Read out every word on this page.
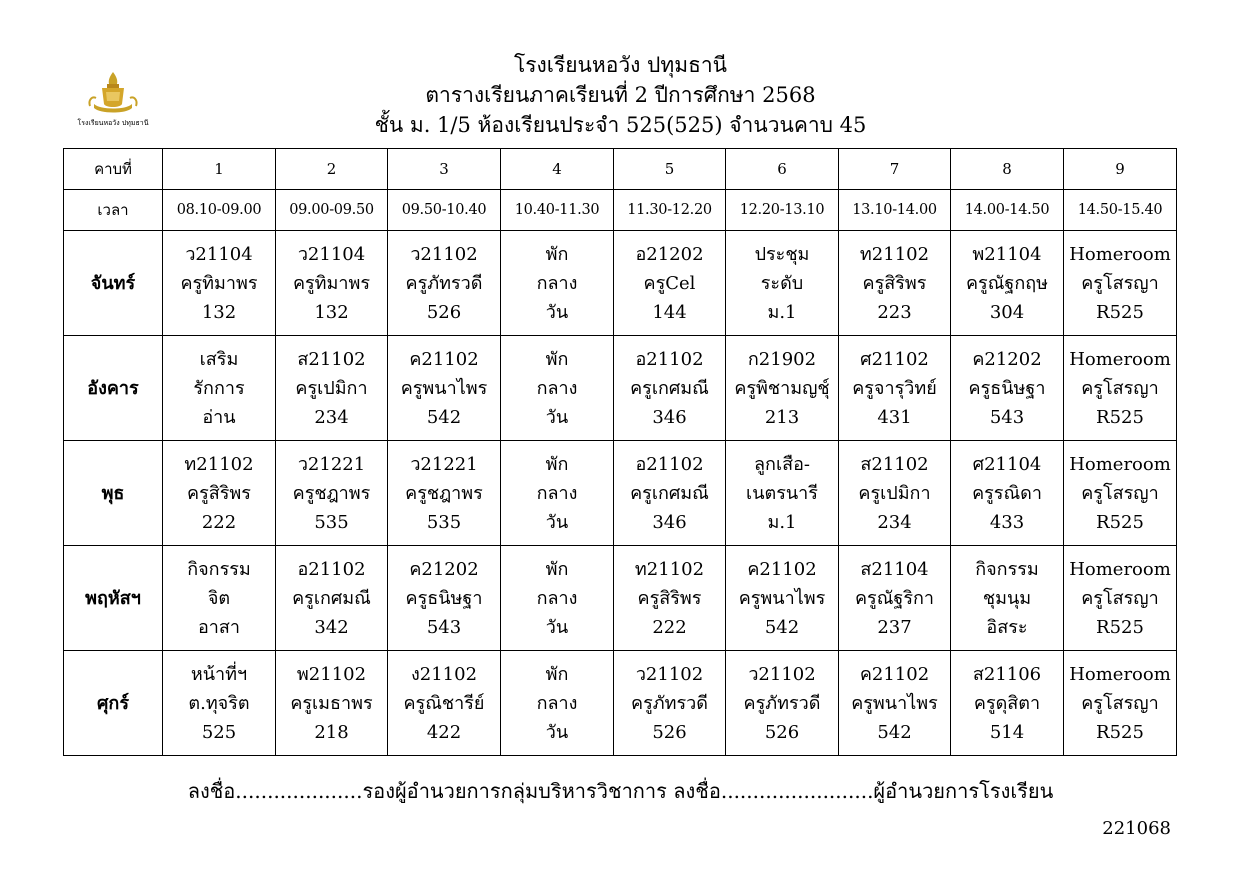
โรงเรียนหอวัง ปทุมธานี
โรงเรียนหอวัง ปทุมธานี
ตารางเรียนภาคเรียนที่ 2 ปีการศึกษา 2568
ชั้น ม. 1/5 ห้องเรียนประจำ 525(525) จำนวนคาบ 45
คาบที่	1	2	3	4	5	6	7	8	9
เวลา	08.10-09.00	09.00-09.50	09.50-10.40	10.40-11.30	11.30-12.20	12.20-13.10	13.10-14.00	14.00-14.50	14.50-15.40
จันทร์	ว21104
ครูทิมาพร
132	ว21104
ครูทิมาพร
132	ว21102
ครูภัทรวดี
526	พัก
กลาง
วัน	อ21202
ครูCel
144	ประชุม
ระดับ
ม.1	ท21102
ครูสิริพร
223	พ21104
ครูณัฐกฤษ
304	Homeroom
ครูโสรญา
R525

อังคาร	เสริม
รักการ
อ่าน	ส21102
ครูเปมิกา
234	ค21102
ครูพนาไพร
542	พัก
กลาง
วัน	อ21102
ครูเกศมณี
346	ก21902
ครูพิชามญชุ์
213	ศ21102
ครูจารุวิทย์
431	ค21202
ครูธนิษฐา
543	Homeroom
ครูโสรญา
R525

พุธ	ท21102
ครูสิริพร
222	ว21221
ครูชฎาพร
535	ว21221
ครูชฎาพร
535	พัก
กลาง
วัน	อ21102
ครูเกศมณี
346	ลูกเสือ-
เนตรนารี
ม.1	ส21102
ครูเปมิกา
234	ศ21104
ครูรณิดา
433	Homeroom
ครูโสรญา
R525

พฤหัสฯ	กิจกรรม
จิต
อาสา	อ21102
ครูเกศมณี
342	ค21202
ครูธนิษฐา
543	พัก
กลาง
วัน	ท21102
ครูสิริพร
222	ค21102
ครูพนาไพร
542	ส21104
ครูณัฐริกา
237	กิจกรรม
ชุมนุม
อิสระ	Homeroom
ครูโสรญา
R525

ศุกร์	หน้าที่ฯ
ต.ทุจริต
525	พ21102
ครูเมธาพร
218	ง21102
ครูณิชารีย์
422	พัก
กลาง
วัน	ว21102
ครูภัทรวดี
526	ว21102
ครูภัทรวดี
526	ค21102
ครูพนาไพร
542	ส21106
ครูดุสิตา
514	Homeroom
ครูโสรญา
R525
ลงชื่อ....................รองผู้อำนวยการกลุ่มบริหารวิชาการ ลงชื่อ........................ผู้อำนวยการโรงเรียน
221068
